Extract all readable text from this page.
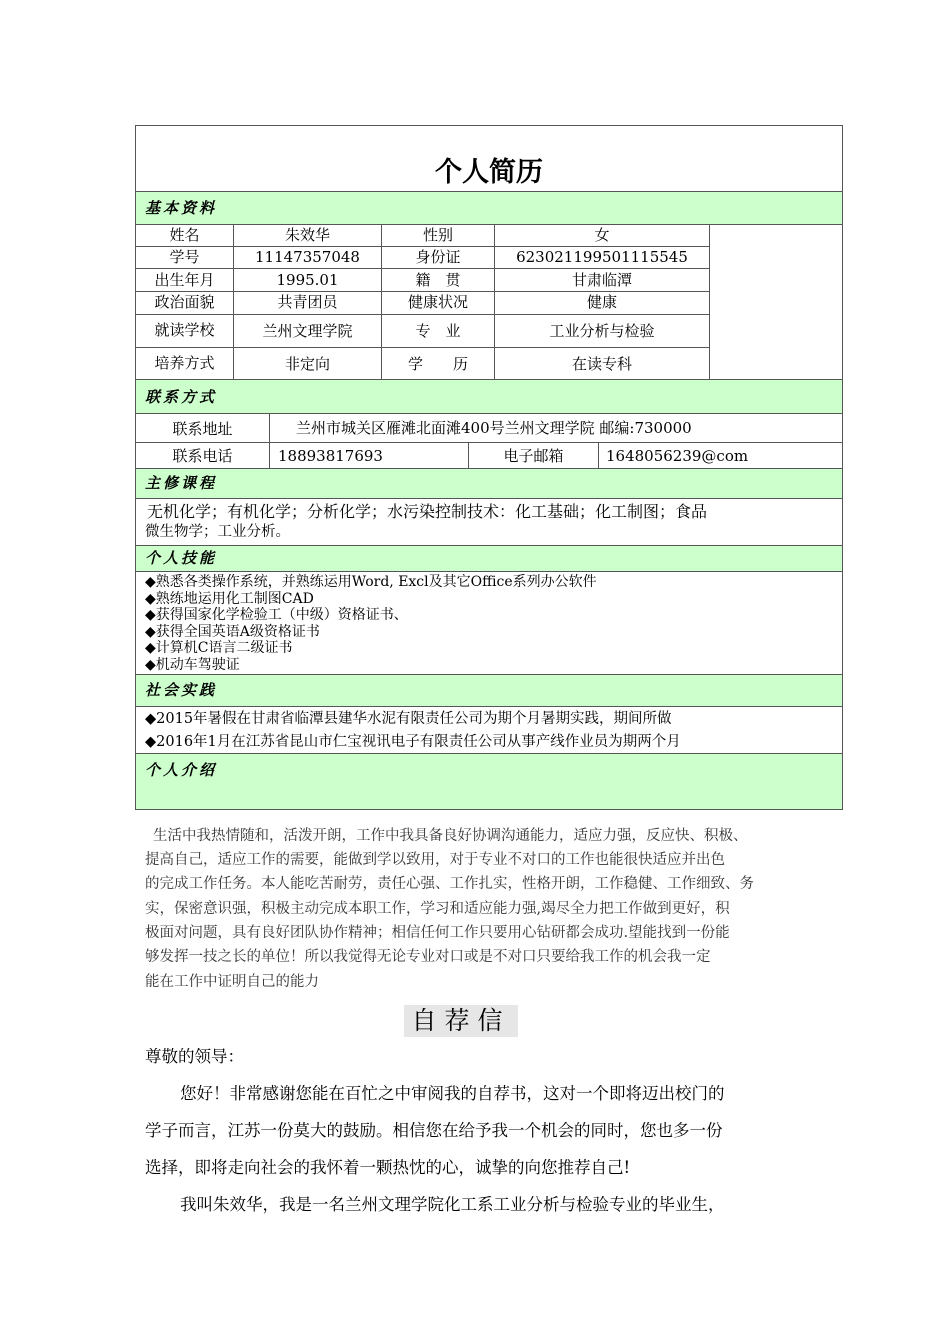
个人简历
基本资料
姓名	朱效华	性别	女
学号	11147357048	身份证	623021199501115545
出生年月	1995.01	籍　贯	甘肃临潭
政治面貌	共青团员	健康状况	健康
就读学校	兰州文理学院	专　业	工业分析与检验
培养方式	非定向	学　　历	在读专科
联系方式
联系地址	兰州市城关区雁滩北面滩400号兰州文理学院 邮编:730000
联系电话	18893817693	电子邮箱	1648056239@com
主修课程
无机化学；有机化学；分析化学；水污染控制技术：化工基础；化工制图；食品
微生物学；工业分析。
个人技能
◆熟悉各类操作系统，并熟练运用Word, Excl及其它Office系列办公软件
◆熟练地运用化工制图CAD
◆获得国家化学检验工（中级）资格证书、
◆获得全国英语A级资格证书
◆计算机C语言二级证书
◆机动车驾驶证
社会实践
◆2015年暑假在甘肃省临潭县建华水泥有限责任公司为期个月暑期实践，期间所做
◆2016年1月在江苏省昆山市仁宝视讯电子有限责任公司从事产线作业员为期两个月
个人介绍
生活中我热情随和，活泼开朗，工作中我具备良好协调沟通能力，适应力强，反应快、积极、
提高自己，适应工作的需要，能做到学以致用，对于专业不对口的工作也能很快适应并出色
的完成工作任务。本人能吃苦耐劳，责任心强、工作扎实，性格开朗，工作稳健、工作细致、务
实，保密意识强，积极主动完成本职工作，学习和适应能力强,竭尽全力把工作做到更好，积
极面对问题，具有良好团队协作精神；相信任何工作只要用心钻研都会成功.望能找到一份能
够发挥一技之长的单位！所以我觉得无论专业对口或是不对口只要给我工作的机会我一定
能在工作中证明自己的能力
自荐信
尊敬的领导：
您好！非常感谢您能在百忙之中审阅我的自荐书，这对一个即将迈出校门的
学子而言，江苏一份莫大的鼓励。相信您在给予我一个机会的同时，您也多一份
选择，即将走向社会的我怀着一颗热忱的心，诚挚的向您推荐自己!
我叫朱效华，我是一名兰州文理学院化工系工业分析与检验专业的毕业生，
